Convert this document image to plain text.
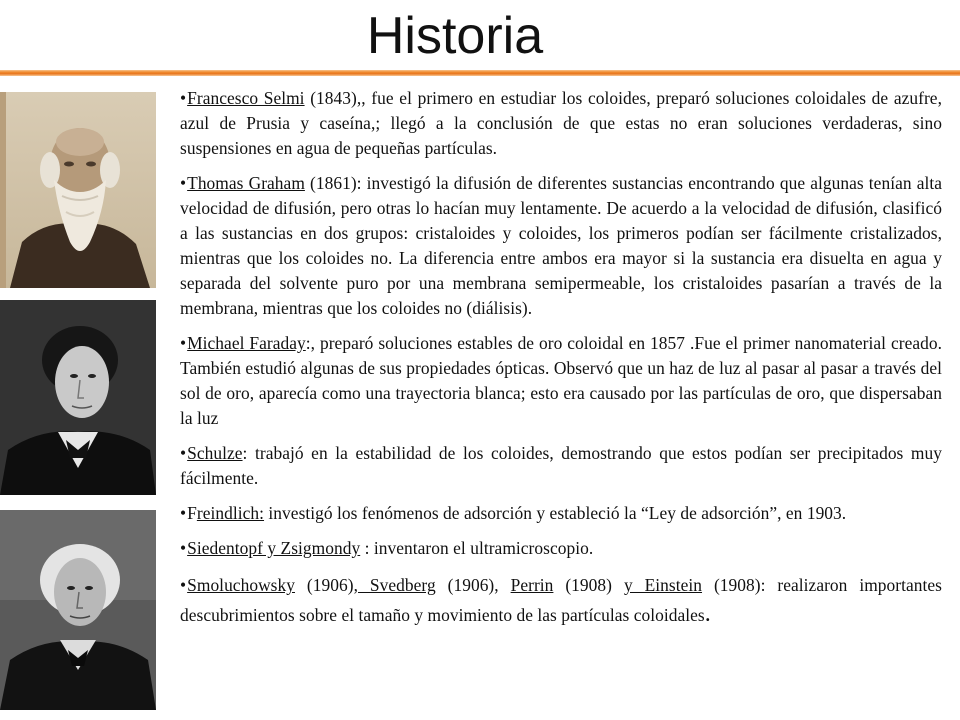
Historia

•Francesco Selmi (1843),, fue el primero en estudiar los coloides, preparó soluciones coloidales de azufre, azul de Prusia y caseína,; llegó a la conclusión de que estas no eran soluciones verdaderas, sino suspensiones en agua de pequeñas partículas.

•Thomas Graham (1861): investigó la difusión de diferentes sustancias encontrando que algunas tenían alta velocidad de difusión, pero otras lo hacían muy lentamente. De acuerdo a la velocidad de difusión, clasificó a las sustancias en dos grupos: cristaloides y coloides, los primeros podían ser fácilmente cristalizados, mientras que los coloides no. La diferencia entre ambos era mayor si la sustancia era disuelta en agua y separada del solvente puro por una membrana semipermeable, los cristaloides pasarían a través de la membrana, mientras que los coloides no (diálisis).

•Michael Faraday:, preparó soluciones estables de oro coloidal en 1857 .Fue el primer nanomaterial creado. También estudió algunas de sus propiedades ópticas. Observó que un haz de luz al pasar al pasar a través del sol de oro, aparecía como una trayectoria blanca; esto era causado por las partículas de oro, que dispersaban la luz

•Schulze: trabajó en la estabilidad de los coloides, demostrando que estos podían ser precipitados muy fácilmente.

•Freindlich: investigó los fenómenos de adsorción y estableció la “Ley de adsorción”, en 1903.

•Siedentopf y Zsigmondy : inventaron el ultramicroscopio.

•Smoluchowsky (1906), Svedberg (1906), Perrin (1908) y Einstein (1908): realizaron importantes descubrimientos sobre el tamaño y movimiento de las partículas coloidales.
